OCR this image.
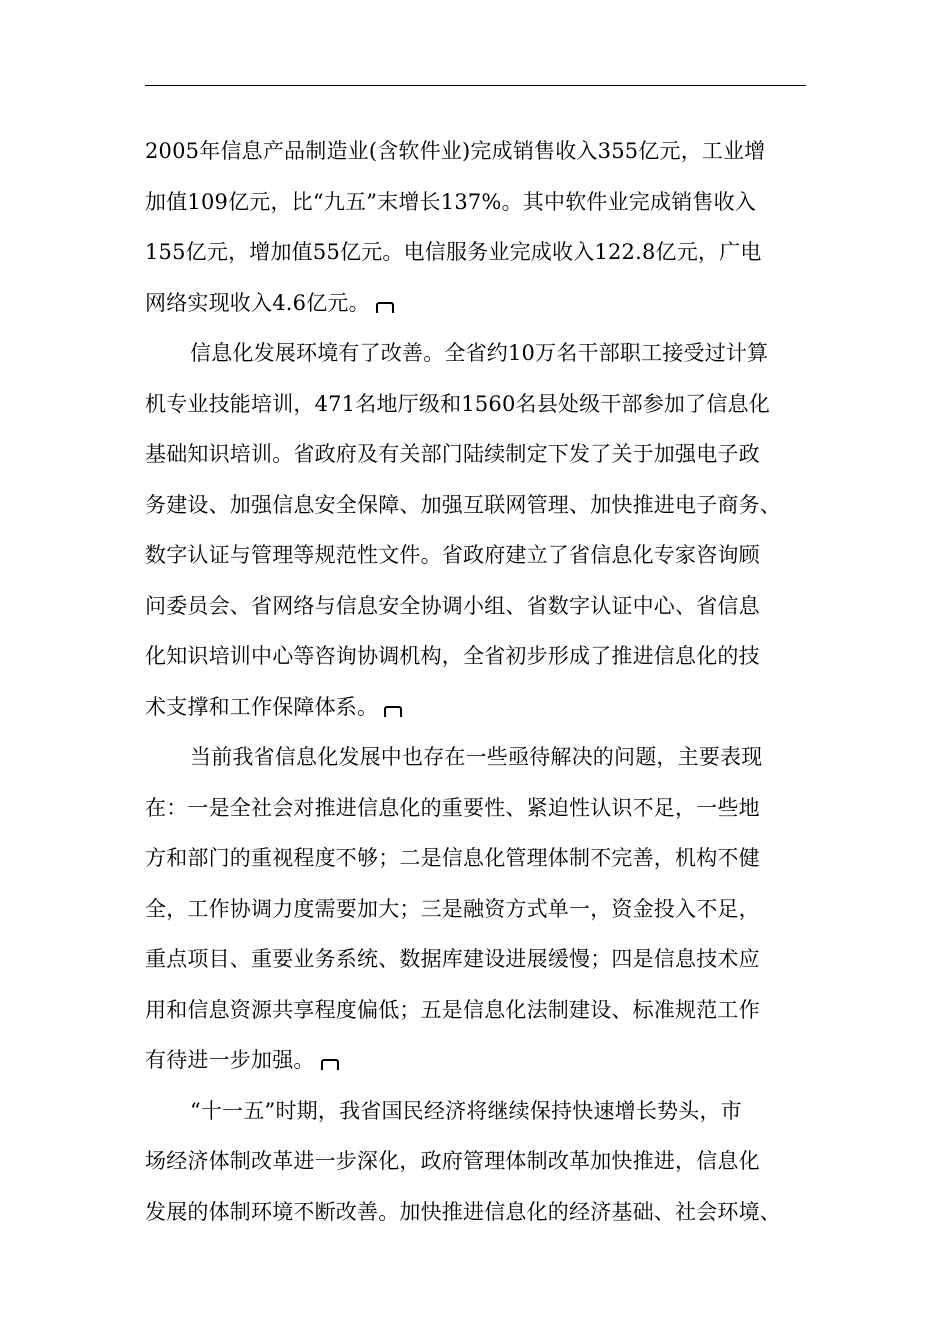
2005年信息产品制造业(含软件业)完成销售收入355亿元，工业增
加值109亿元，比“九五”末增长137%。其中软件业完成销售收入
155亿元，增加值55亿元。电信服务业完成收入122.8亿元，广电
网络实现收入4.6亿元。
信息化发展环境有了改善。全省约10万名干部职工接受过计算
机专业技能培训，471名地厅级和1560名县处级干部参加了信息化
基础知识培训。省政府及有关部门陆续制定下发了关于加强电子政
务建设、加强信息安全保障、加强互联网管理、加快推进电子商务、
数字认证与管理等规范性文件。省政府建立了省信息化专家咨询顾
问委员会、省网络与信息安全协调小组、省数字认证中心、省信息
化知识培训中心等咨询协调机构，全省初步形成了推进信息化的技
术支撑和工作保障体系。
当前我省信息化发展中也存在一些亟待解决的问题，主要表现
在：一是全社会对推进信息化的重要性、紧迫性认识不足，一些地
方和部门的重视程度不够；二是信息化管理体制不完善，机构不健
全，工作协调力度需要加大；三是融资方式单一，资金投入不足，
重点项目、重要业务系统、数据库建设进展缓慢；四是信息技术应
用和信息资源共享程度偏低；五是信息化法制建设、标准规范工作
有待进一步加强。
“十一五”时期，我省国民经济将继续保持快速增长势头，市
场经济体制改革进一步深化，政府管理体制改革加快推进，信息化
发展的体制环境不断改善。加快推进信息化的经济基础、社会环境、
